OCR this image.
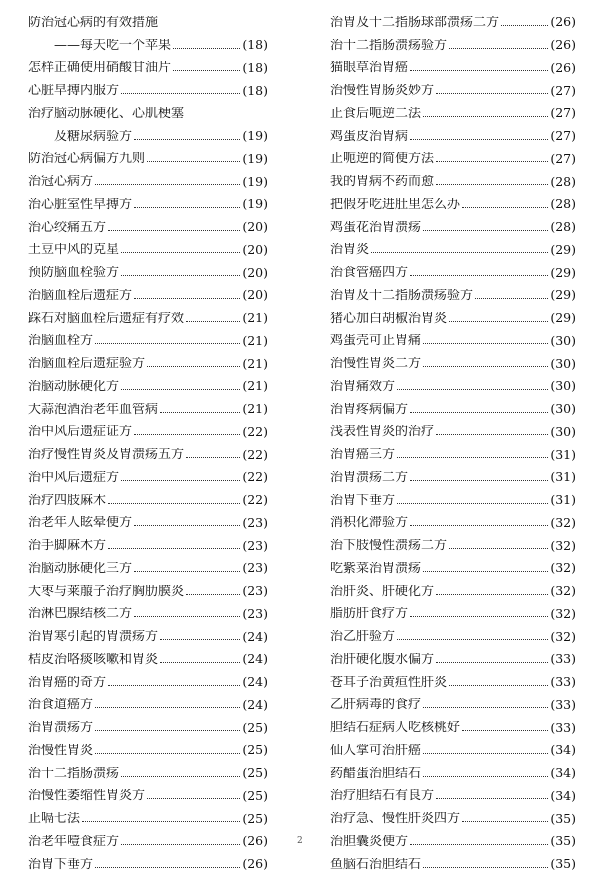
防治冠心病的有效措施
——每天吃一个苹果	(18)
怎样正确使用硝酸甘油片	(18)
心脏早搏内服方	(18)
治疗脑动脉硬化、心肌梗塞
及糖尿病验方	(19)
防治冠心病偏方九则	(19)
治冠心病方	(19)
治心脏室性早搏方	(19)
治心绞痛五方	(20)
土豆中风的克星	(20)
预防脑血栓验方	(20)
治脑血栓后遗症方	(20)
踩石对脑血栓后遗症有疗效	(21)
治脑血栓方	(21)
治脑血栓后遗症验方	(21)
治脑动脉硬化方	(21)
大蒜泡酒治老年血管病	(21)
治中风后遗症证方	(22)
治疗慢性胃炎及胃溃疡五方	(22)
治中风后遗症方	(22)
治疗四肢麻木	(22)
治老年人眩晕便方	(23)
治手脚麻木方	(23)
治脑动脉硬化三方	(23)
大枣与莱菔子治疗胸肋膜炎	(23)
治淋巴腺结核二方	(23)
治胃寒引起的胃溃疡方	(24)
桔皮治咯痰咳嗽和胃炎	(24)
治胃癌的奇方	(24)
治食道癌方	(24)
治胃溃疡方	(25)
治慢性胃炎	(25)
治十二指肠溃疡	(25)
治慢性萎缩性胃炎方	(25)
止嗝七法	(25)
治老年噎食症方	(26)
治胃下垂方	(26)
治胃及十二指肠球部溃疡二方	(26)
治十二指肠溃疡验方	(26)
猫眼草治胃癌	(26)
治慢性胃肠炎妙方	(27)
止食后呃逆二法	(27)
鸡蛋皮治胃病	(27)
止呃逆的简便方法	(27)
我的胃病不药而愈	(28)
把假牙吃进肚里怎么办	(28)
鸡蛋花治胃溃疡	(28)
治胃炎	(29)
治食管癌四方	(29)
治胃及十二指肠溃疡验方	(29)
猪心加白胡椒治胃炎	(29)
鸡蛋壳可止胃痛	(30)
治慢性胃炎二方	(30)
治胃痛效方	(30)
治胃疼病偏方	(30)
浅表性胃炎的治疗	(30)
治胃癌三方	(31)
治胃溃疡二方	(31)
治胃下垂方	(31)
消积化滞验方	(32)
治下肢慢性溃疡二方	(32)
吃紫菜治胃溃疡	(32)
治肝炎、肝硬化方	(32)
脂肪肝食疗方	(32)
治乙肝验方	(32)
治肝硬化腹水偏方	(33)
苍耳子治黄疸性肝炎	(33)
乙肝病毒的食疗	(33)
胆结石症病人吃核桃好	(33)
仙人掌可治肝癌	(34)
药醋蛋治胆结石	(34)
治疗胆结石有良方	(34)
治疗急、慢性肝炎四方	(35)
治胆囊炎便方	(35)
鱼脑石治胆结石	(35)
2
